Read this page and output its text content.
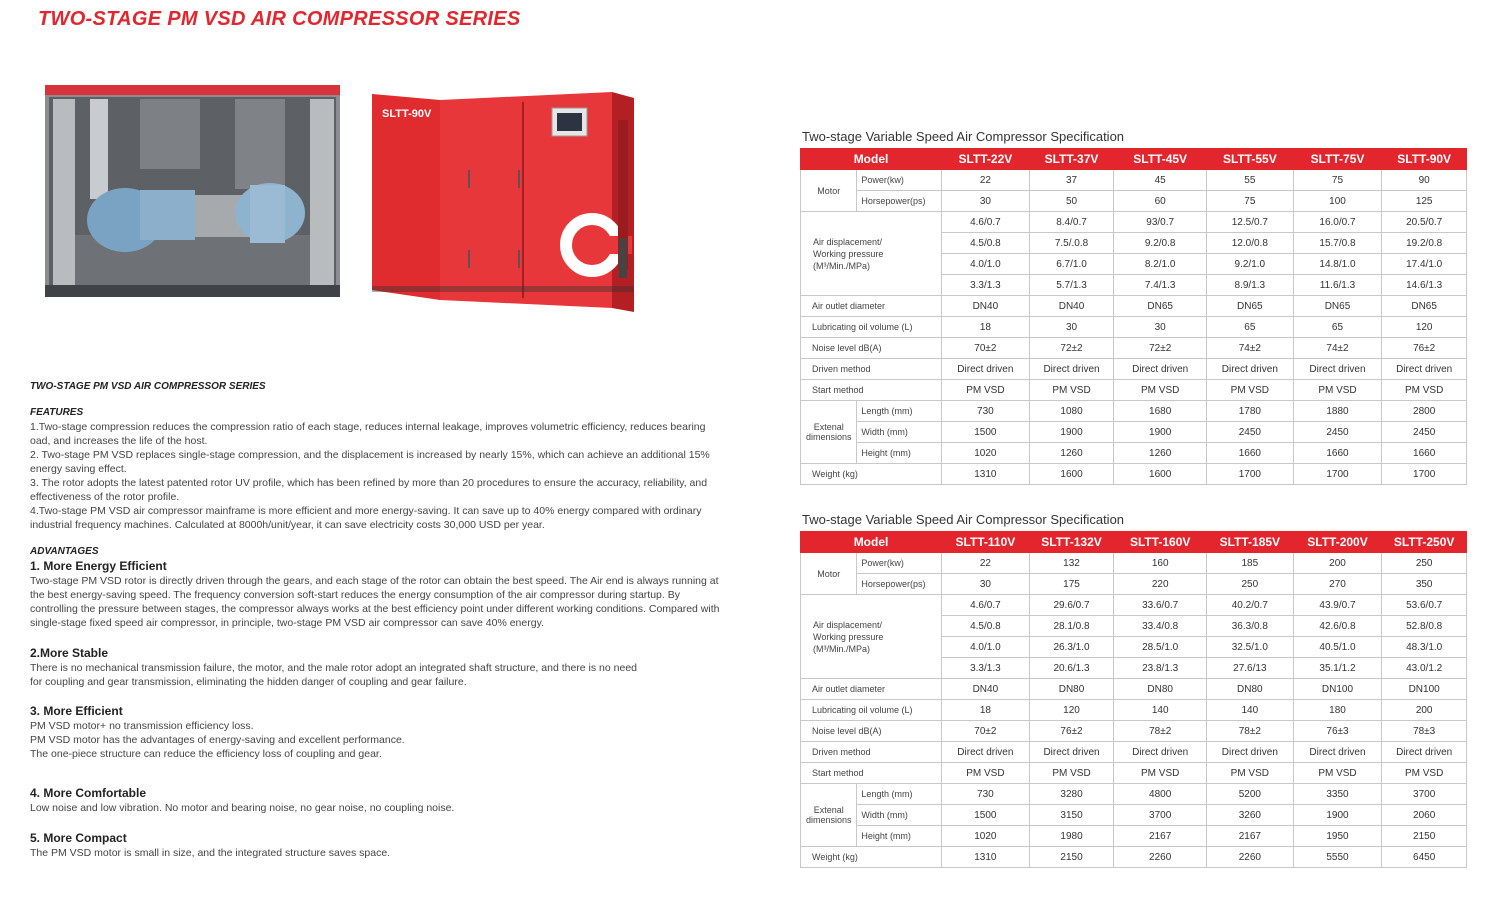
TWO-STAGE PM VSD AIR COMPRESSOR SERIES
SLTT-90V
TWO-STAGE PM VSD AIR COMPRESSOR SERIES
FEATURES

1.Two-stage compression reduces the compression ratio of each stage, reduces internal leakage, improves volumetric efficiency, reduces bearing oad, and increases the life of the host.

2. Two-stage PM VSD replaces single-stage compression, and the displacement is increased by nearly 15%, which can achieve an additional 15% energy saving effect.

3. The rotor adopts the latest patented rotor UV profile, which has been refined by more than 20 procedures to ensure the accuracy, reliability, and effectiveness of the rotor profile.

4.Two-stage PM VSD air compressor mainframe is more efficient and more energy-saving. It can save up to 40% energy compared with ordinary industrial frequency machines. Calculated at 8000h/unit/year, it can save electricity costs 30,000 USD per year.

ADVANTAGES
1. More Energy Efficient

Two-stage PM VSD rotor is directly driven through the gears, and each stage of the rotor can obtain the best speed. The Air end is always running at the best energy-saving speed. The frequency conversion soft-start reduces the energy consumption of the air compressor during startup. By controlling the pressure between stages, the compressor always works at the best efficiency point under different working conditions. Compared with single-stage fixed speed air compressor, in principle, two-stage PM VSD air compressor can save 40% energy.

2.More Stable

There is no mechanical transmission failure, the motor, and the male rotor adopt an integrated shaft structure, and there is no need for coupling and gear transmission, eliminating the hidden danger of coupling and gear failure.

3. More Efficient

PM VSD motor+ no transmission efficiency loss.
PM VSD motor has the advantages of energy-saving and excellent performance.
The one-piece structure can reduce the efficiency loss of coupling and gear.

4. More Comfortable

Low noise and low vibration. No motor and bearing noise, no gear noise, no coupling noise.

5. More Compact

The PM VSD motor is small in size, and the integrated structure saves space.

Two-stage Variable Speed Air Compressor Specification
Model		SLTT-22V	SLTT-37V	SLTT-45V	SLTT-55V	SLTT-75V	SLTT-90V
Motor	Power(kw)	22	37	45	55	75	90
	Horsepower(ps)	30	50	60	75	100	125

Air displacement/
Working pressure
(M³/Min./MPa)		4.6/0.7	8.4/0.7	93/0.7	12.5/0.7	16.0/0.7	20.5/0.7
		4.5/0.8	7.5/.0.8	9.2/0.8	12.0/0.8	15.7/0.8	19.2/0.8
		4.0/1.0	6.7/1.0	8.2/1.0	9.2/1.0	14.8/1.0	17.4/1.0
		3.3/1.3	5.7/1.3	7.4/1.3	8.9/1.3	11.6/1.3	14.6/1.3
Air outlet diameter		DN40	DN40	DN65	DN65	DN65	DN65
Lubricating oil volume (L)		18	30	30	65	65	120
Noise level dB(A)		70±2	72±2	72±2	74±2	74±2	76±2
Driven method		Direct driven	Direct driven	Direct driven	Direct driven	Direct driven	Direct driven
Start method		PM VSD	PM VSD	PM VSD	PM VSD	PM VSD	PM VSD

Extenal
dimensions	Length (mm)	730	1080	1680	1780	1880	2800
	Width (mm)	1500	1900	1900	2450	2450	2450
	Height (mm)	1020	1260	1260	1660	1660	1660
Weight (kg)		1310	1600	1600	1700	1700	1700
Two-stage Variable Speed Air Compressor Specification
Model		SLTT-110V	SLTT-132V	SLTT-160V	SLTT-185V	SLTT-200V	SLTT-250V
Motor	Power(kw)	22	132	160	185	200	250
	Horsepower(ps)	30	175	220	250	270	350

Air displacement/
Working pressure
(M³/Min./MPa)		4.6/0.7	29.6/0.7	33.6/0.7	40.2/0.7	43.9/0.7	53.6/0.7
		4.5/0.8	28.1/0.8	33.4/0.8	36.3/0.8	42.6/0.8	52.8/0.8
		4.0/1.0	26.3/1.0	28.5/1.0	32.5/1.0	40.5/1.0	48.3/1.0
		3.3/1.3	20.6/1.3	23.8/1.3	27.6/13	35.1/1.2	43.0/1.2
Air outlet diameter		DN40	DN80	DN80	DN80	DN100	DN100
Lubricating oil volume (L)		18	120	140	140	180	200
Noise level dB(A)		70±2	76±2	78±2	78±2	76±3	78±3
Driven method		Direct driven	Direct driven	Direct driven	Direct driven	Direct driven	Direct driven
Start method		PM VSD	PM VSD	PM VSD	PM VSD	PM VSD	PM VSD

Extenal
dimensions	Length (mm)	730	3280	4800	5200	3350	3700
	Width (mm)	1500	3150	3700	3260	1900	2060
	Height (mm)	1020	1980	2167	2167	1950	2150
Weight (kg)		1310	2150	2260	2260	5550	6450
